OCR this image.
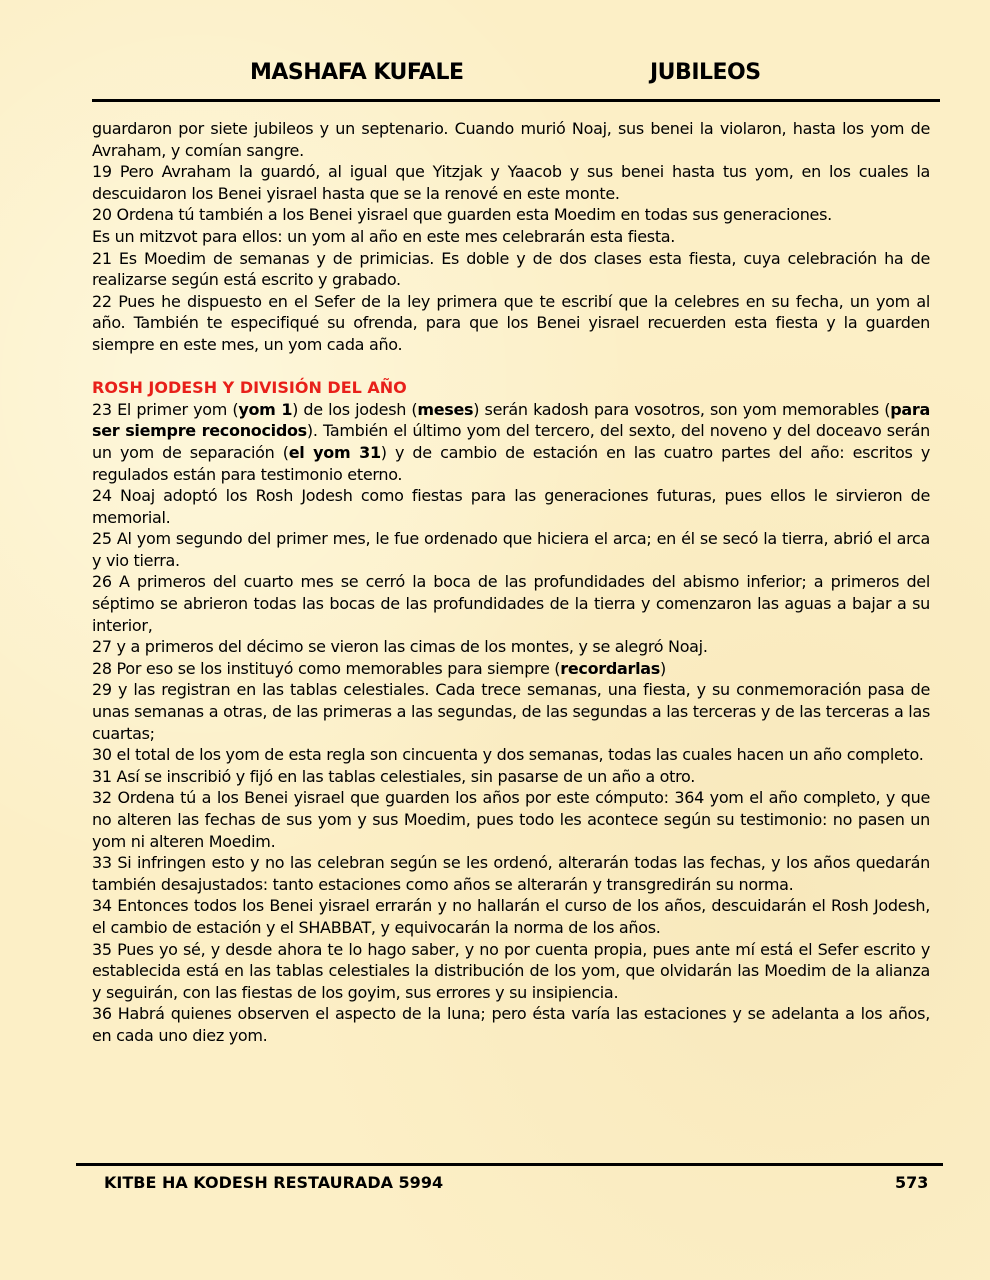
MASHAFA KUFALE	JUBILEOS

guardaron por siete jubileos y un septenario. Cuando murió Noaj, sus benei la violaron, hasta los yom de Avraham, y comían sangre.

19 Pero Avraham la guardó, al igual que Yitzjak y Yaacob y sus benei hasta tus yom, en los cuales la descuidaron los Benei yisrael hasta que se la renové en este monte.

20 Ordena tú también a los Benei yisrael que guarden esta Moedim en todas sus generaciones.

Es un mitzvot para ellos: un yom al año en este mes celebrarán esta fiesta.

21 Es Moedim de semanas y de primicias. Es doble y de dos clases esta fiesta, cuya celebración ha de realizarse según está escrito y grabado.

22 Pues he dispuesto en el Sefer de la ley primera que te escribí que la celebres en su fecha, un yom al año. También te especifiqué su ofrenda, para que los Benei yisrael recuerden esta fiesta y la guarden siempre en este mes, un yom cada año.

ROSH JODESH Y DIVISIÓN DEL AÑO

23 El primer yom (yom 1) de los jodesh (meses) serán kadosh para vosotros, son yom memorables (para ser siempre reconocidos). También el último yom del tercero, del sexto, del noveno y del doceavo serán un yom de separación (el yom 31) y de cambio de estación en las cuatro partes del año: escritos y regulados están para testimonio eterno.

24 Noaj adoptó los Rosh Jodesh como fiestas para las generaciones futuras, pues ellos le sirvieron de memorial.

25 Al yom segundo del primer mes, le fue ordenado que hiciera el arca; en él se secó la tierra, abrió el arca y vio tierra.

26 A primeros del cuarto mes se cerró la boca de las profundidades del abismo inferior; a primeros del séptimo se abrieron todas las bocas de las profundidades de la tierra y comenzaron las aguas a bajar a su interior,

27 y a primeros del décimo se vieron las cimas de los montes, y se alegró Noaj.

28 Por eso se los instituyó como memorables para siempre (recordarlas)

29 y las registran en las tablas celestiales. Cada trece semanas, una fiesta, y su conmemoración pasa de unas semanas a otras, de las primeras a las segundas, de las segundas a las terceras y de las terceras a las cuartas;

30 el total de los yom de esta regla son cincuenta y dos semanas, todas las cuales hacen un año completo.

31 Así se inscribió y fijó en las tablas celestiales, sin pasarse de un año a otro.

32 Ordena tú a los Benei yisrael que guarden los años por este cómputo: 364 yom el año completo, y que no alteren las fechas de sus yom y sus Moedim, pues todo les acontece según su testimonio: no pasen un yom ni alteren Moedim.

33 Si infringen esto y no las celebran según se les ordenó, alterarán todas las fechas, y los años quedarán también desajustados: tanto estaciones como años se alterarán y transgredirán su norma.

34 Entonces todos los Benei yisrael errarán y no hallarán el curso de los años, descuidarán el Rosh Jodesh, el cambio de estación y el SHABBAT, y equivocarán la norma de los años.

35 Pues yo sé, y desde ahora te lo hago saber, y no por cuenta propia, pues ante mí está el Sefer escrito y establecida está en las tablas celestiales la distribución de los yom, que olvidarán las Moedim de la alianza y seguirán, con las fiestas de los goyim, sus errores y su insipiencia.

36 Habrá quienes observen el aspecto de la luna; pero ésta varía las estaciones y se adelanta a los años, en cada uno diez yom.

KITBE HA KODESH RESTAURADA 5994	573
